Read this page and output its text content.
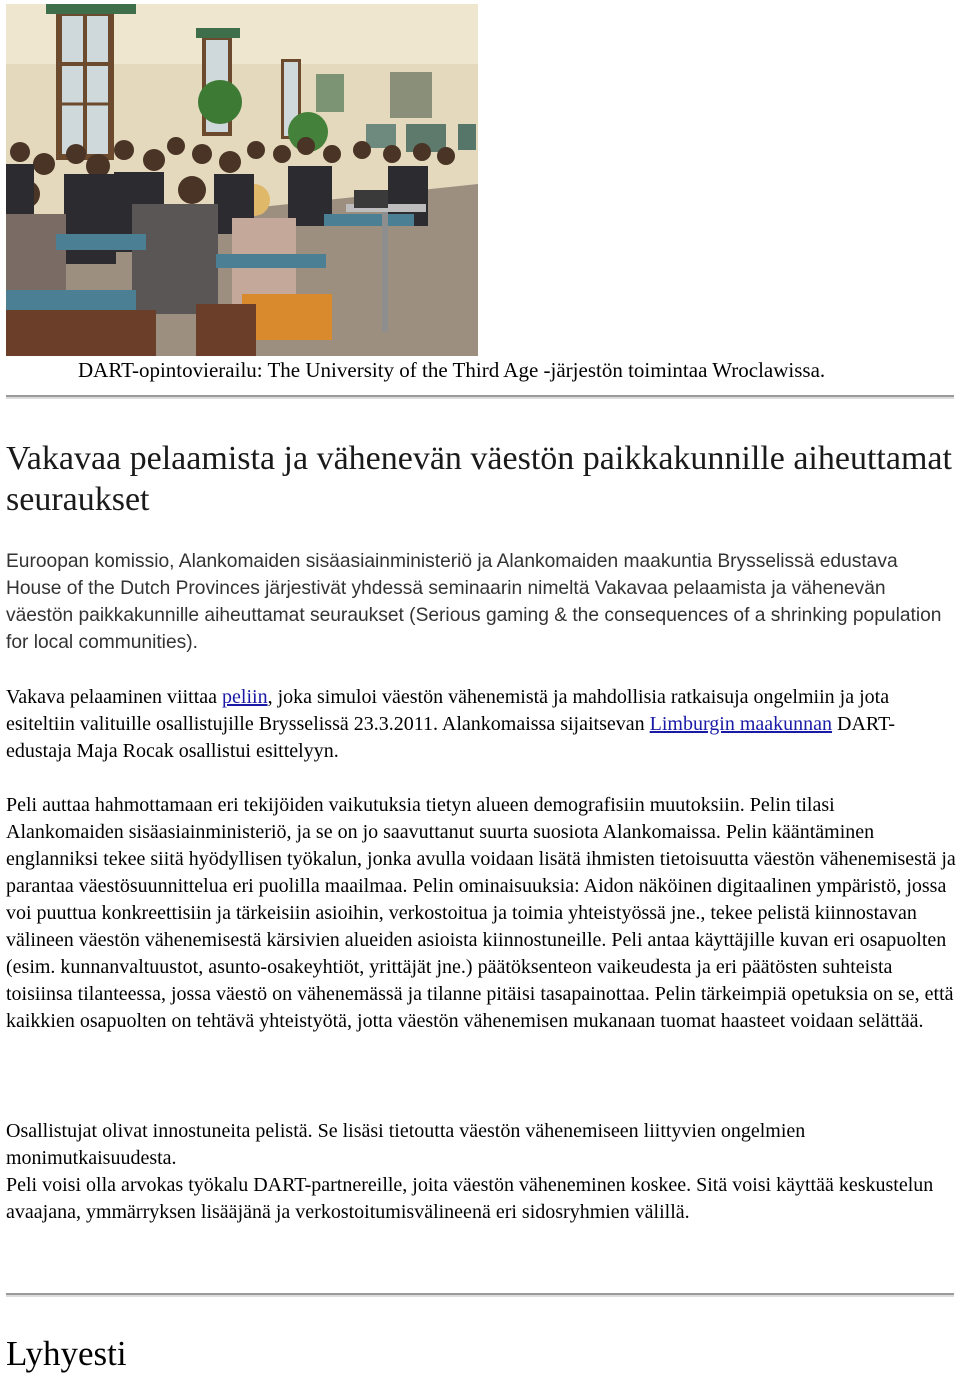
DART-opintovierailu: The University of the Third Age -järjestön toimintaa Wroclawissa.
Vakavaa pelaamista ja vähenevän väestön paikkakunnille aiheuttamat seuraukset

Euroopan komissio, Alankomaiden sisäasiainministeriö ja Alankomaiden maakuntia Brysselissä edustava House of the Dutch Provinces järjestivät yhdessä seminaarin nimeltä Vakavaa pelaamista ja vähenevän väestön paikkakunnille aiheuttamat seuraukset (Serious gaming & the consequences of a shrinking population for local communities).

Vakava pelaaminen viittaa peliin, joka simuloi väestön vähenemistä ja mahdollisia ratkaisuja ongelmiin ja jota esiteltiin valituille osallistujille Brysselissä 23.3.2011. Alankomaissa sijaitsevan Limburgin maakunnan DART-edustaja Maja Rocak osallistui esittelyyn.

Peli auttaa hahmottamaan eri tekijöiden vaikutuksia tietyn alueen demografisiin muutoksiin. Pelin tilasi Alankomaiden sisäasiainministeriö, ja se on jo saavuttanut suurta suosiota Alankomaissa. Pelin kääntäminen englanniksi tekee siitä hyödyllisen työkalun, jonka avulla voidaan lisätä ihmisten tietoisuutta väestön vähenemisestä ja parantaa väestösuunnittelua eri puolilla maailmaa. Pelin ominaisuuksia: Aidon näköinen digitaalinen ympäristö, jossa voi puuttua konkreettisiin ja tärkeisiin asioihin, verkostoitua ja toimia yhteistyössä jne., tekee pelistä kiinnostavan välineen väestön vähenemisestä kärsivien alueiden asioista kiinnostuneille. Peli antaa käyttäjille kuvan eri osapuolten (esim. kunnanvaltuustot, asunto-osakeyhtiöt, yrittäjät jne.) päätöksenteon vaikeudesta ja eri päätösten suhteista toisiinsa tilanteessa, jossa väestö on vähenemässä ja tilanne pitäisi tasapainottaa. Pelin tärkeimpiä opetuksia on se, että kaikkien osapuolten on tehtävä yhteistyötä, jotta väestön vähenemisen mukanaan tuomat haasteet voidaan selättää.

Osallistujat olivat innostuneita pelistä. Se lisäsi tietoutta väestön vähenemiseen liittyvien ongelmien monimutkaisuudesta.

Peli voisi olla arvokas työkalu DART-partnereille, joita väestön väheneminen koskee. Sitä voisi käyttää keskustelun avaajana, ymmärryksen lisääjänä ja verkostoitumisvälineenä eri sidosryhmien välillä.

Lyhyesti
